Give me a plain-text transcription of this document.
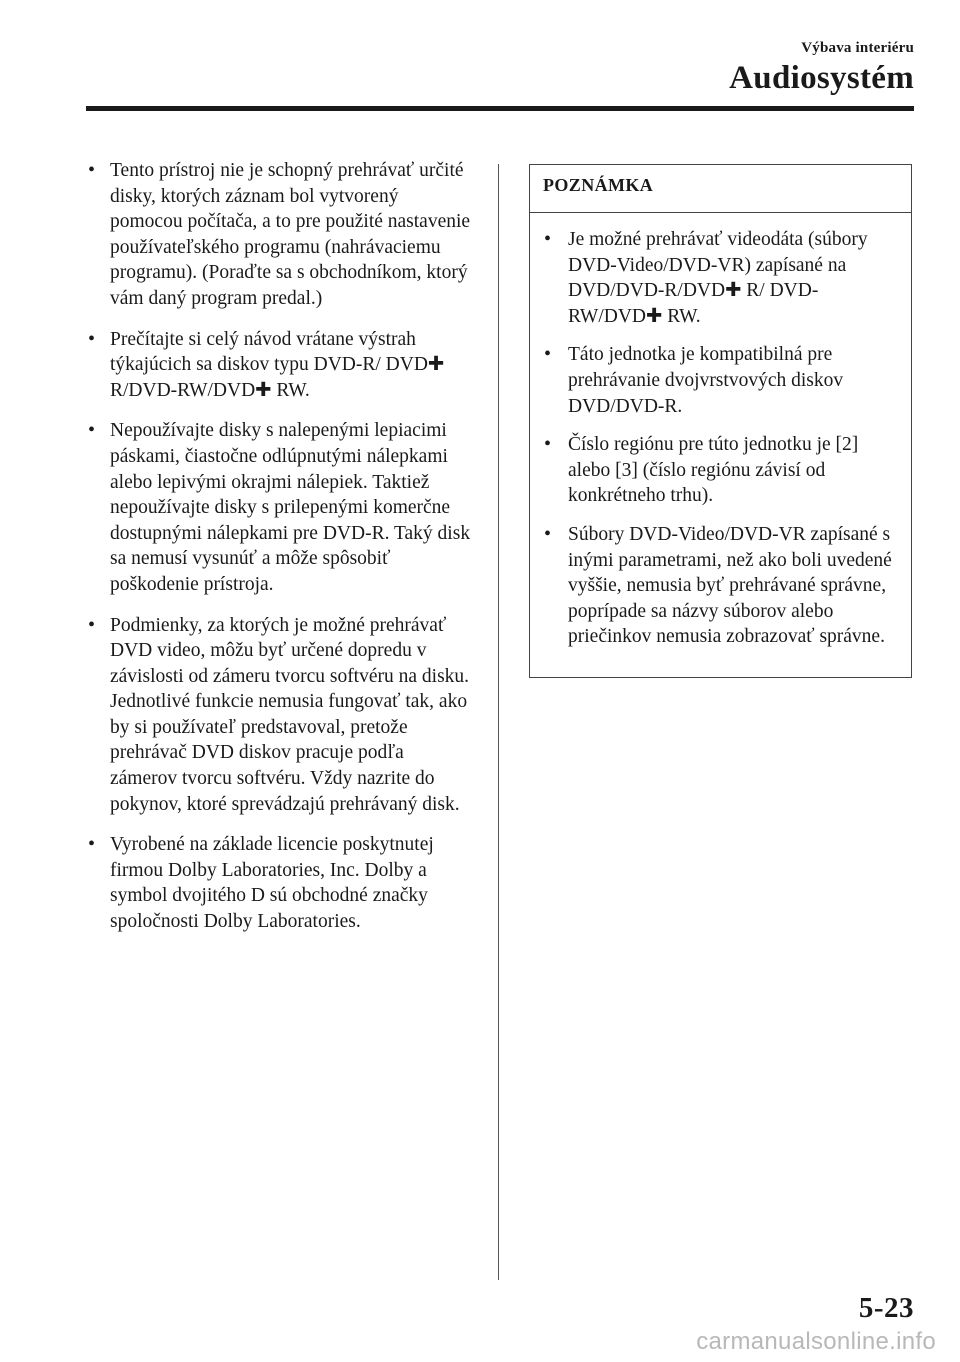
Výbava interiéru
Audiosystém
• Tento prístroj nie je schopný prehrávať určité disky, ktorých záznam bol vytvorený pomocou počítača, a to pre použité nastavenie používateľského programu (nahrávaciemu programu). (Poraďte sa s obchodníkom, ktorý vám daný program predal.)
• Prečítajte si celý návod vrátane výstrah týkajúcich sa diskov typu DVD-R/ DVD✚ R/DVD-RW/DVD✚ RW.
• Nepoužívajte disky s nalepenými lepiacimi páskami, čiastočne odlúpnutými nálepkami alebo lepivými okrajmi nálepiek. Taktiež nepoužívajte disky s prilepenými komerčne dostupnými nálepkami pre DVD-R. Taký disk sa nemusí vysunúť a môže spôsobiť poškodenie prístroja.
• Podmienky, za ktorých je možné prehrávať DVD video, môžu byť určené dopredu v závislosti od zámeru tvorcu softvéru na disku. Jednotlivé funkcie nemusia fungovať tak, ako by si používateľ predstavoval, pretože prehrávač DVD diskov pracuje podľa zámerov tvorcu softvéru. Vždy nazrite do pokynov, ktoré sprevádzajú prehrávaný disk.
• Vyrobené na základe licencie poskytnutej firmou Dolby Laboratories, Inc. Dolby a symbol dvojitého D sú obchodné značky spoločnosti Dolby Laboratories.
POZNÁMKA
• Je možné prehrávať videodáta (súbory DVD-Video/DVD-VR) zapísané na DVD/DVD-R/DVD✚ R/ DVD-RW/DVD✚ RW.
• Táto jednotka je kompatibilná pre prehrávanie dvojvrstvových diskov DVD/DVD-R.
• Číslo regiónu pre túto jednotku je [2] alebo [3] (číslo regiónu závisí od konkrétneho trhu).
• Súbory DVD-Video/DVD-VR zapísané s inými parametrami, než ako boli uvedené vyššie, nemusia byť prehrávané správne, poprípade sa názvy súborov alebo priečinkov nemusia zobrazovať správne.
5-23
carmanualsonline.info
